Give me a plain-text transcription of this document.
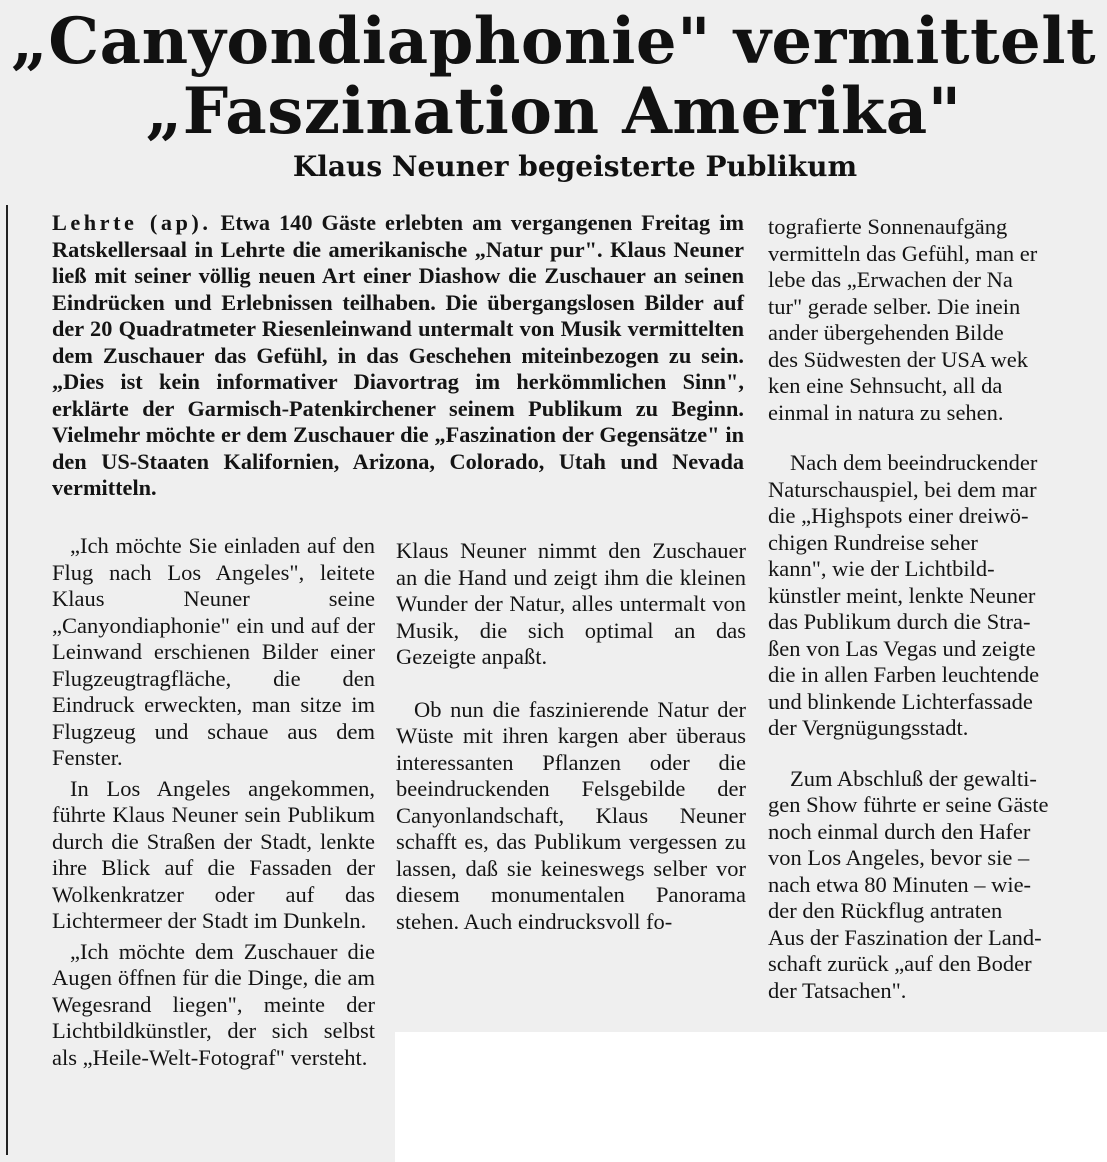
„Canyondiaphonie" vermittelt
„Faszination Amerika"
Klaus Neuner begeisterte Publikum

Lehrte (ap). Etwa 140 Gäste erlebten am vergangenen Freitag im Ratskellersaal in Lehrte die amerikanische „Natur pur". Klaus Neuner ließ mit seiner völlig neuen Art einer Diashow die Zuschauer an seinen Eindrücken und Erlebnissen teilhaben. Die übergangslosen Bilder auf der 20 Quadratmeter Riesenleinwand untermalt von Musik vermittelten dem Zuschauer das Gefühl, in das Geschehen miteinbezogen zu sein. „Dies ist kein informativer Diavortrag im herkömmlichen Sinn", erklärte der Garmisch-Patenkirchener seinem Publikum zu Beginn. Vielmehr möchte er dem Zuschauer die „Faszination der Gegensätze" in den US-Staaten Kalifornien, Arizona, Colorado, Utah und Nevada vermitteln.

„Ich möchte Sie einladen auf den Flug nach Los Angeles", leitete Klaus Neuner seine „Canyondiaphonie" ein und auf der Leinwand erschienen Bilder einer Flugzeugtragfläche, die den Eindruck erweckten, man sitze im Flugzeug und schaue aus dem Fenster.

In Los Angeles angekommen, führte Klaus Neuner sein Publikum durch die Straßen der Stadt, lenkte ihre Blick auf die Fassaden der Wolkenkratzer oder auf das Lichtermeer der Stadt im Dunkeln.

„Ich möchte dem Zuschauer die Augen öffnen für die Dinge, die am Wegesrand liegen", meinte der Lichtbildkünstler, der sich selbst als „Heile-Welt-Fotograf" versteht.

Klaus Neuner nimmt den Zuschauer an die Hand und zeigt ihm die kleinen Wunder der Natur, alles untermalt von Musik, die sich optimal an das Gezeigte anpaßt.

Ob nun die faszinierende Natur der Wüste mit ihren kargen aber überaus interessanten Pflanzen oder die beeindruckenden Felsgebilde der Canyonlandschaft, Klaus Neuner schafft es, das Publikum vergessen zu lassen, daß sie keineswegs selber vor diesem monumentalen Panorama stehen. Auch eindrucksvoll fo-

tografierte Sonnenaufgäng
vermitteln das Gefühl, man er
lebe das „Erwachen der Na
tur" gerade selber. Die inein
ander übergehenden Bilde
des Südwesten der USA wek
ken eine Sehnsucht, all da
einmal in natura zu sehen.

Nach dem beeindruckender
Naturschauspiel, bei dem mar
die „Highspots einer dreiwö-
chigen Rundreise seher
kann", wie der Lichtbild-
künstler meint, lenkte Neuner
das Publikum durch die Stra-
ßen von Las Vegas und zeigte
die in allen Farben leuchtende
und blinkende Lichterfassade
der Vergnügungsstadt.

Zum Abschluß der gewalti-
gen Show führte er seine Gäste
noch einmal durch den Hafer
von Los Angeles, bevor sie –
nach etwa 80 Minuten – wie-
der den Rückflug antraten
Aus der Faszination der Land-
schaft zurück „auf den Boder
der Tatsachen".
